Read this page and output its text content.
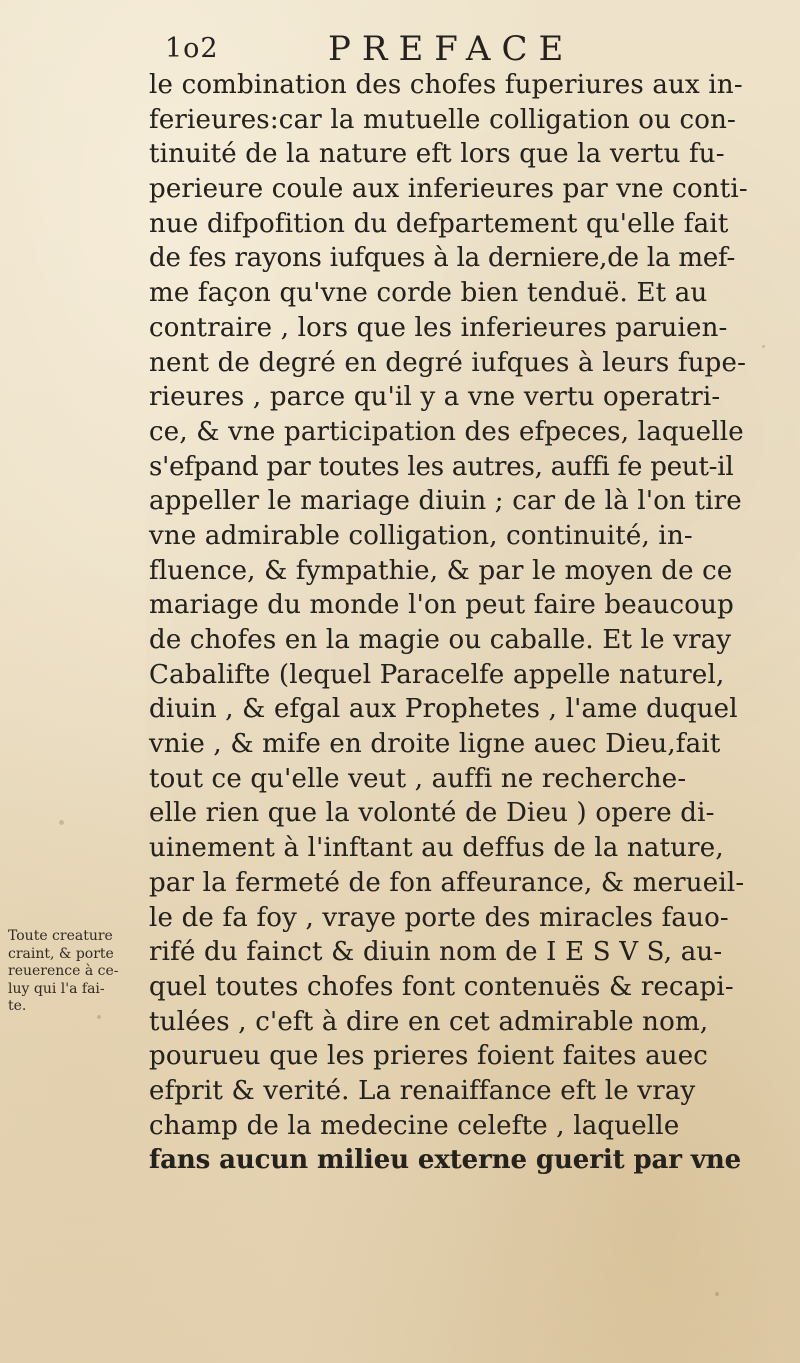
1o2	PREFACE
le combination des chofes fuperiures aux in-
ferieures:car la mutuelle colligation ou con-
tinuité de la nature eft lors que la vertu fu-
perieure coule aux inferieures par vne conti-
nue difpofition du defpartement qu'elle fait
de fes rayons iufques à la derniere,de la mef-
me façon qu'vne corde bien tenduë. Et au
contraire , lors que les inferieures paruien-
nent de degré en degré iufques à leurs fupe-
rieures , parce qu'il y a vne vertu operatri-
ce, & vne participation des efpeces, laquelle
s'efpand par toutes les autres, auffi fe peut-il
appeller le mariage diuin ; car de là l'on tire
vne admirable colligation, continuité, in-
fluence, & fympathie, & par le moyen de ce
mariage du monde l'on peut faire beaucoup
de chofes en la magie ou caballe. Et le vray
Cabalifte (lequel Paracelfe appelle naturel,
diuin , & efgal aux Prophetes , l'ame duquel
vnie , & mife en droite ligne auec Dieu,fait
tout ce qu'elle veut , auffi ne recherche-
elle rien que la volonté de Dieu ) opere di-
uinement à l'inftant au deffus de la nature,
par la fermeté de fon affeurance, & merueil-
le de fa foy , vraye porte des miracles fauo-
rifé du fainct & diuin nom de I E S V S, au-
quel toutes chofes font contenuës & recapi-
tulées , c'eft à dire en cet admirable nom,
pourueu que les prieres foient faites auec
efprit & verité. La renaiffance eft le vray
champ de la medecine celefte , laquelle
fans aucun milieu externe guerit par vne
Toute creature
craint, & porte
reuerence à ce-
luy qui l'a fai-
te.
